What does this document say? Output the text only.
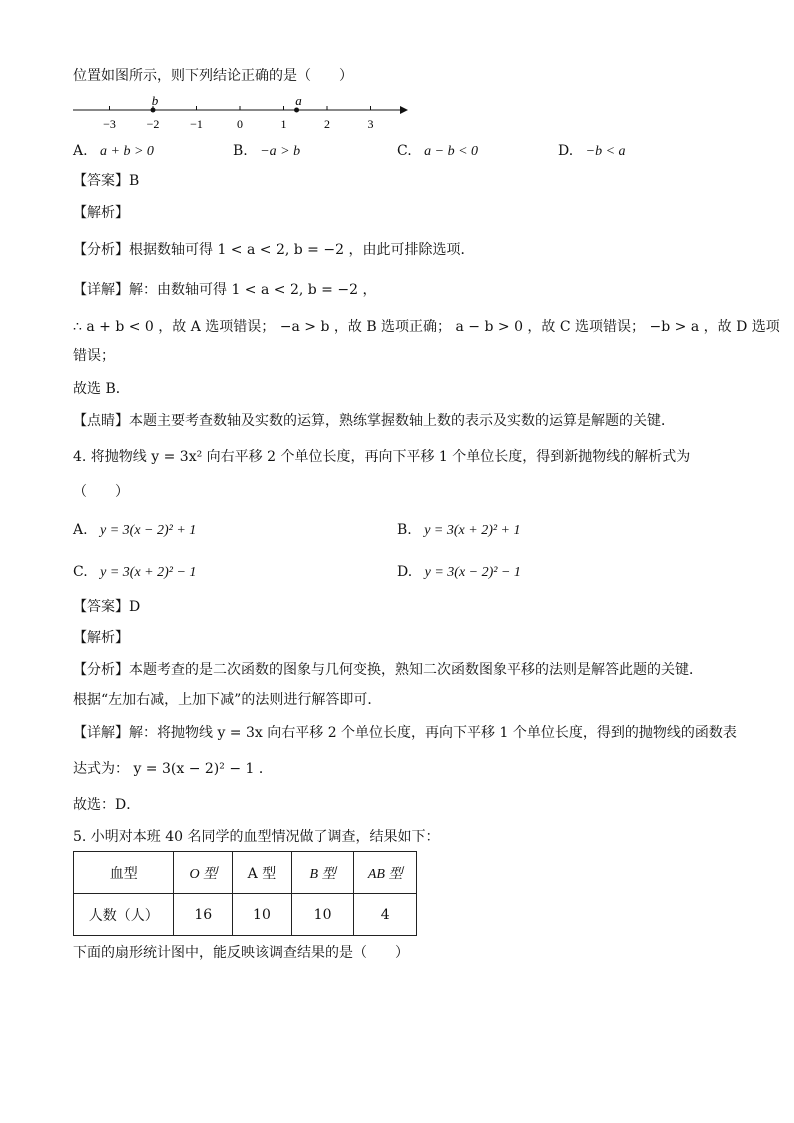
位置如图所示，则下列结论正确的是（　　）
−3	−2	−1	0	1	2	3
b	a
A. a + b > 0	B. −a > b	C. a − b < 0	D. −b < a
【答案】B
【解析】
【分析】根据数轴可得 1 < a < 2, b = −2 ，由此可排除选项．
【详解】解：由数轴可得 1 < a < 2, b = −2 ，
∴ a + b < 0 ，故 A 选项错误； −a > b ，故 B 选项正确； a − b > 0 ，故 C 选项错误； −b > a ，故 D 选项
错误；
故选 B．
【点睛】本题主要考查数轴及实数的运算，熟练掌握数轴上数的表示及实数的运算是解题的关键．
4. 将抛物线 y = 3x² 向右平移 2 个单位长度，再向下平移 1 个单位长度，得到新抛物线的解析式为
（　　）
A. y = 3(x − 2)² + 1	B. y = 3(x + 2)² + 1
C. y = 3(x + 2)² − 1	D. y = 3(x − 2)² − 1
【答案】D
【解析】
【分析】本题考查的是二次函数的图象与几何变换，熟知二次函数图象平移的法则是解答此题的关键．
根据“左加右减，上加下减”的法则进行解答即可．
【详解】解：将抛物线 y = 3x 向右平移 2 个单位长度，再向下平移 1 个单位长度，得到的抛物线的函数表
达式为： y = 3(x − 2)² − 1 ．
故选：D．
5. 小明对本班 40 名同学的血型情况做了调查，结果如下：
血型	O 型	A 型	B 型	AB 型
人数（人）	16	10	10	4
下面的扇形统计图中，能反映该调查结果的是（　　）
